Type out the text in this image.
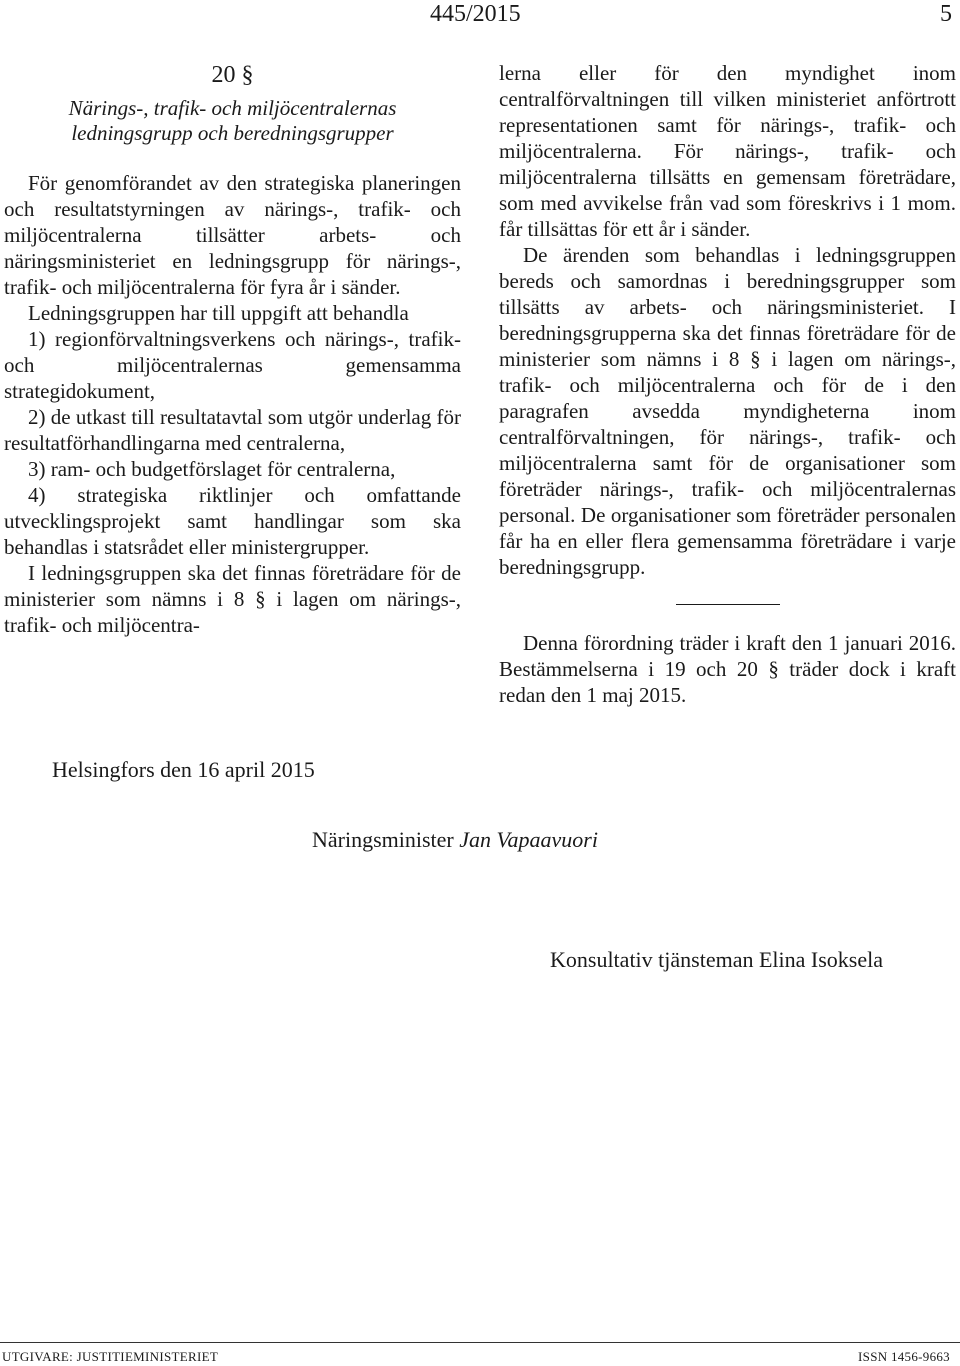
445/2015	5
20 §
Närings-, trafik- och miljöcentralernas
ledningsgrupp och beredningsgrupper

För genomförandet av den strategiska planeringen och resultatstyrningen av närings-, trafik- och miljöcentralerna tillsätter arbets- och näringsministeriet en ledningsgrupp för närings-, trafik- och miljöcentralerna för fyra år i sänder.

Ledningsgruppen har till uppgift att behandla

1) regionförvaltningsverkens och närings-, trafik- och miljöcentralernas gemensamma strategidokument,

2) de utkast till resultatavtal som utgör underlag för resultatförhandlingarna med centralerna,

3) ram- och budgetförslaget för centralerna,

4) strategiska riktlinjer och omfattande utvecklingsprojekt samt handlingar som ska behandlas i statsrådet eller ministergrupper.

I ledningsgruppen ska det finnas företrädare för de ministerier som nämns i 8 § i lagen om närings-, trafik- och miljöcentra-

lerna eller för den myndighet inom centralförvaltningen till vilken ministeriet anförtrott representationen samt för närings-, trafik- och miljöcentralerna. För närings-, trafik- och miljöcentralerna tillsätts en gemensam företrädare, som med avvikelse från vad som föreskrivs i 1 mom. får tillsättas för ett år i sänder.

De ärenden som behandlas i ledningsgruppen bereds och samordnas i beredningsgrupper som tillsätts av arbets- och näringsministeriet. I beredningsgrupperna ska det finnas företrädare för de ministerier som nämns i 8 § i lagen om närings-, trafik- och miljöcentralerna och för de i den paragrafen avsedda myndigheterna inom centralförvaltningen, för närings-, trafik- och miljöcentralerna samt för de organisationer som företräder närings-, trafik- och miljöcentralernas personal. De organisationer som företräder personalen får ha en eller flera gemensamma företrädare i varje beredningsgrupp.

Denna förordning träder i kraft den 1 januari 2016. Bestämmelserna i 19 och 20 § träder dock i kraft redan den 1 maj 2015.

Helsingfors den 16 april 2015
Näringsminister Jan Vapaavuori
Konsultativ tjänsteman Elina Isoksela
UTGIVARE: JUSTITIEMINISTERIET	ISSN 1456-9663
